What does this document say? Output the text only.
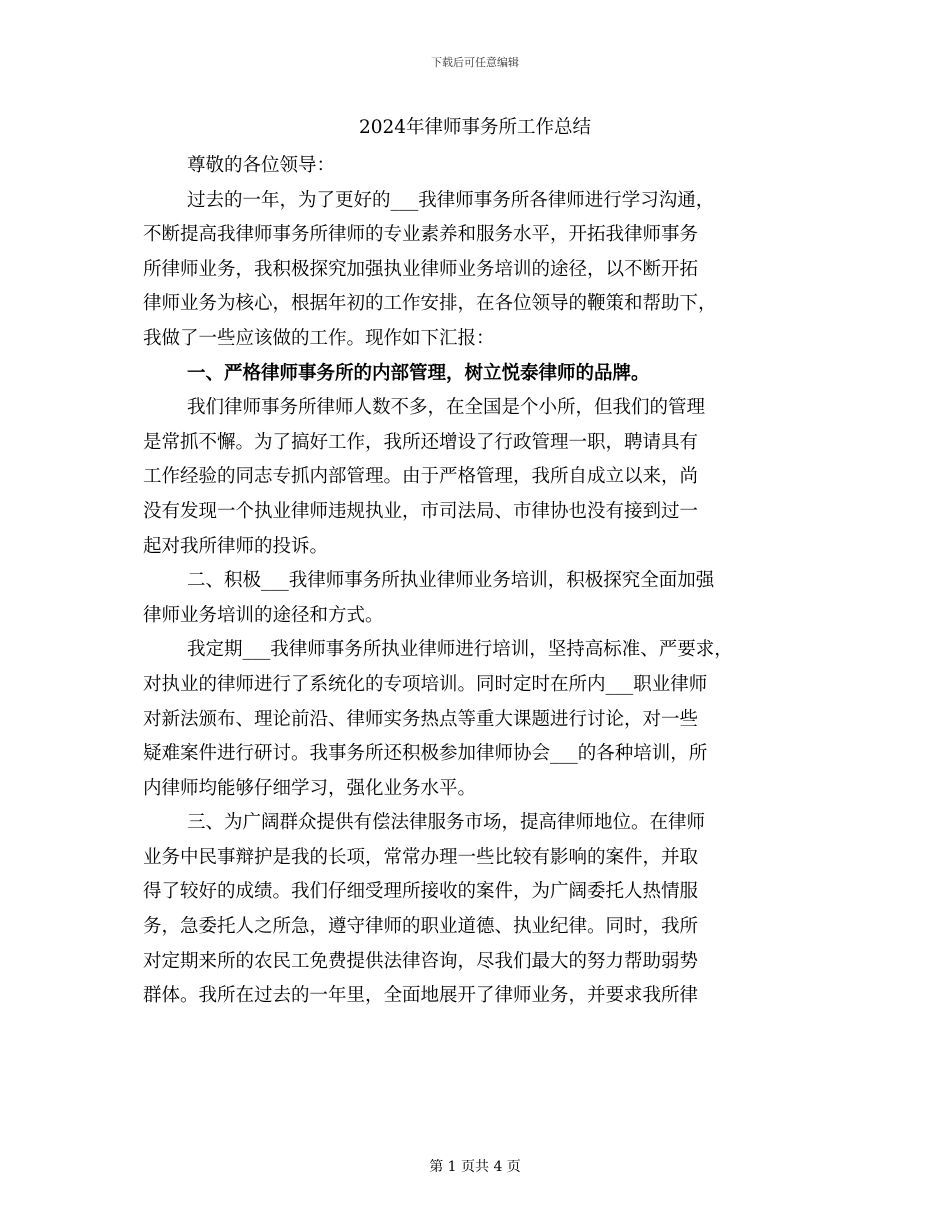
下载后可任意编辑
2024年律师事务所工作总结

尊敬的各位领导：

过去的一年，为了更好的___我律师事务所各律师进行学习沟通，
不断提高我律师事务所律师的专业素养和服务水平，开拓我律师事务
所律师业务，我积极探究加强执业律师业务培训的途径，以不断开拓
律师业务为核心，根据年初的工作安排，在各位领导的鞭策和帮助下，
我做了一些应该做的工作。现作如下汇报：

一、严格律师事务所的内部管理，树立悦泰律师的品牌。

我们律师事务所律师人数不多，在全国是个小所，但我们的管理
是常抓不懈。为了搞好工作，我所还增设了行政管理一职，聘请具有
工作经验的同志专抓内部管理。由于严格管理，我所自成立以来，尚
没有发现一个执业律师违规执业，市司法局、市律协也没有接到过一
起对我所律师的投诉。

二、积极___我律师事务所执业律师业务培训，积极探究全面加强
律师业务培训的途径和方式。

我定期___我律师事务所执业律师进行培训，坚持高标准、严要求，
对执业的律师进行了系统化的专项培训。同时定时在所内___职业律师
对新法颁布、理论前沿、律师实务热点等重大课题进行讨论，对一些
疑难案件进行研讨。我事务所还积极参加律师协会___的各种培训，所
内律师均能够仔细学习，强化业务水平。

三、为广阔群众提供有偿法律服务市场，提高律师地位。在律师
业务中民事辩护是我的长项，常常办理一些比较有影响的案件，并取
得了较好的成绩。我们仔细受理所接收的案件，为广阔委托人热情服
务，急委托人之所急，遵守律师的职业道德、执业纪律。同时，我所
对定期来所的农民工免费提供法律咨询，尽我们最大的努力帮助弱势
群体。我所在过去的一年里，全面地展开了律师业务，并要求我所律

第 1 页共 4 页
